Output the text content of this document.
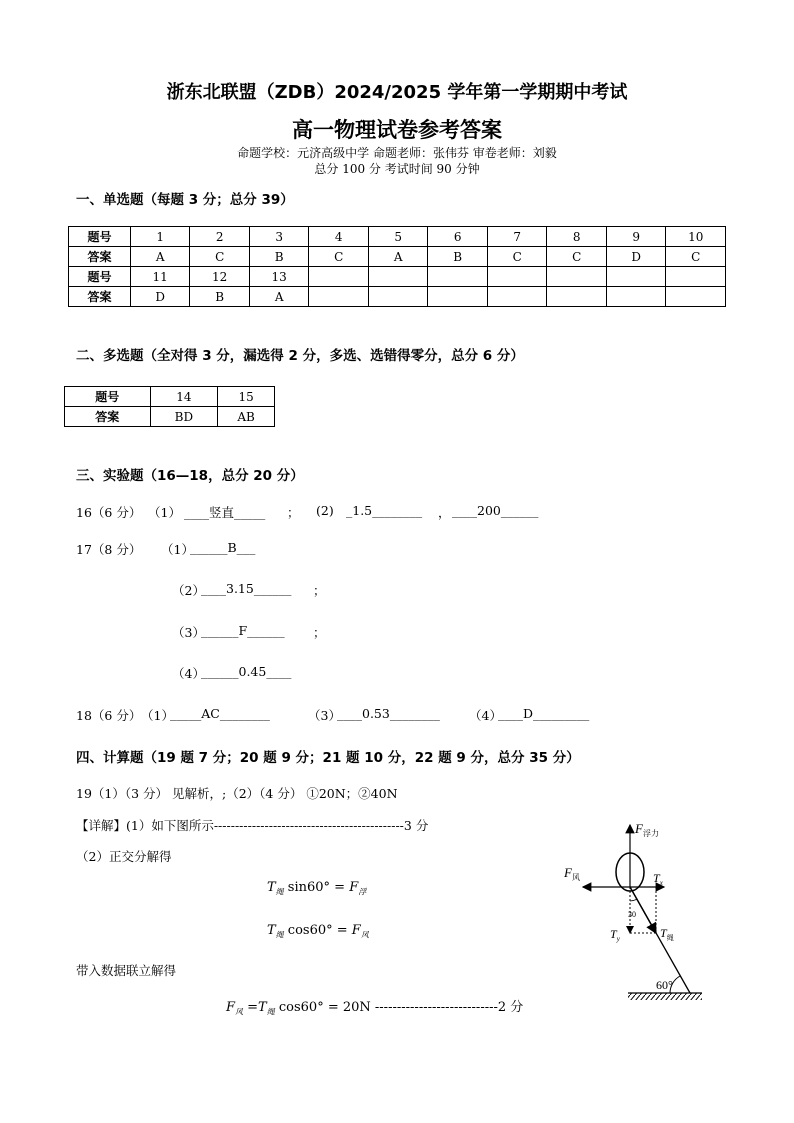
浙东北联盟（ZDB）2024/2025 学年第一学期期中考试
高一物理试卷参考答案
命题学校：元济高级中学 命题老师：张伟芬 审卷老师：刘毅
总分 100 分 考试时间 90 分钟
一、单选题（每题 3 分；总分 39）
题号	1	2	3	4	5	6	7	8	9	10
答案	A	C	B	C	A	B	C	C	D	C
题号	11	12	13							
答案	D	B	A							
二、多选题（全对得 3 分，漏选得 2 分，多选、选错得零分，总分 6 分）
题号	14	15
答案	BD	AB
三、实验题（16—18，总分 20 分）
16（6 分） （1） ____竖直_____ ； (2) _1.5________ ， ____200______
17（8 分） （1）
______B___
（2）
____3.15______ ；
（3）
______F______ ；
（4）
______0.45____
18（6 分） （1）
_____AC________	（3）
____0.53________ （4）
____D_________
四、计算题（19 题 7 分；20 题 9 分；21 题 10 分，22 题 9 分，总分 35 分）
19（1）（3 分） 见解析，;（2）（4 分） ①20N；②40N
【详解】(1）如下图所示---------------------------------------------3 分
（2）正交分解得
$T_绳$ $\sin 60^\circ = F_浮$
$T_绳$ $\cos 60^\circ = F_风$
带入数据联立解得
$F_风 =T_绳$ cos60° = 20N ----------------------------2 分
$F_{浮力}$
$F_风$	$T_x$
$T_y$	$T_绳$
30
60°
